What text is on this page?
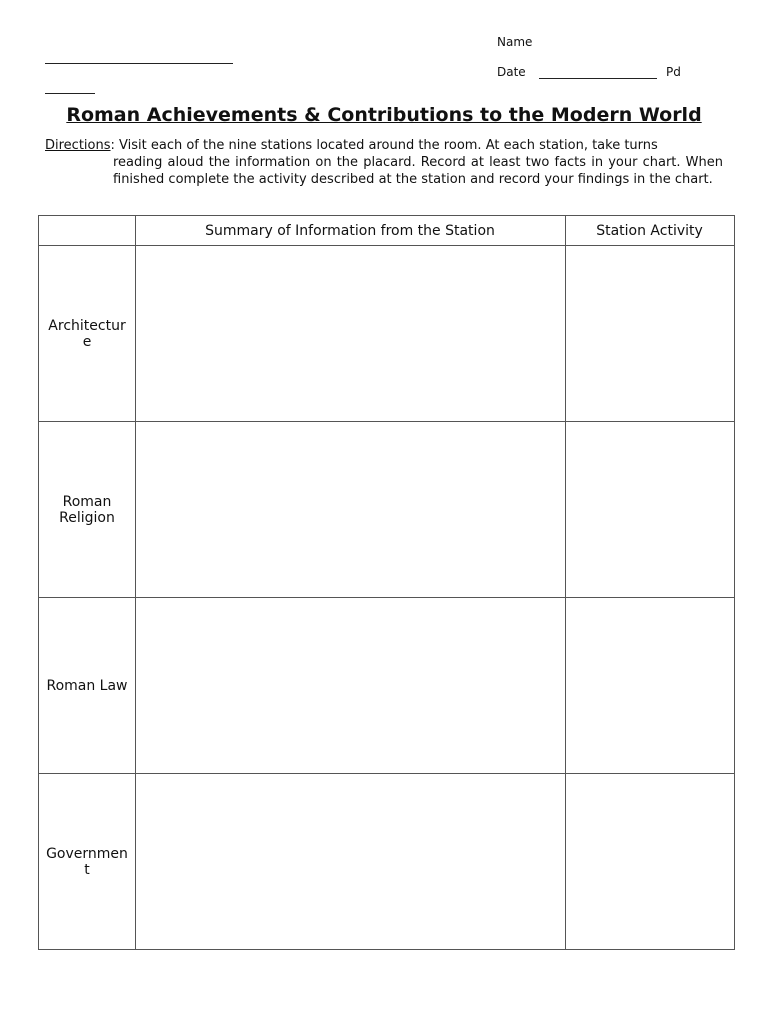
Name
Date	Pd
Roman Achievements & Contributions to the Modern World
Directions: Visit each of the nine stations located around the room. At each station, take turns
reading aloud the information on the placard. Record at least two facts in your chart. When finished complete the activity described at the station and record your findings in the chart.
Summary of Information from the Station	Station Activity
Architecture
Roman Religion
Roman Law
Government
